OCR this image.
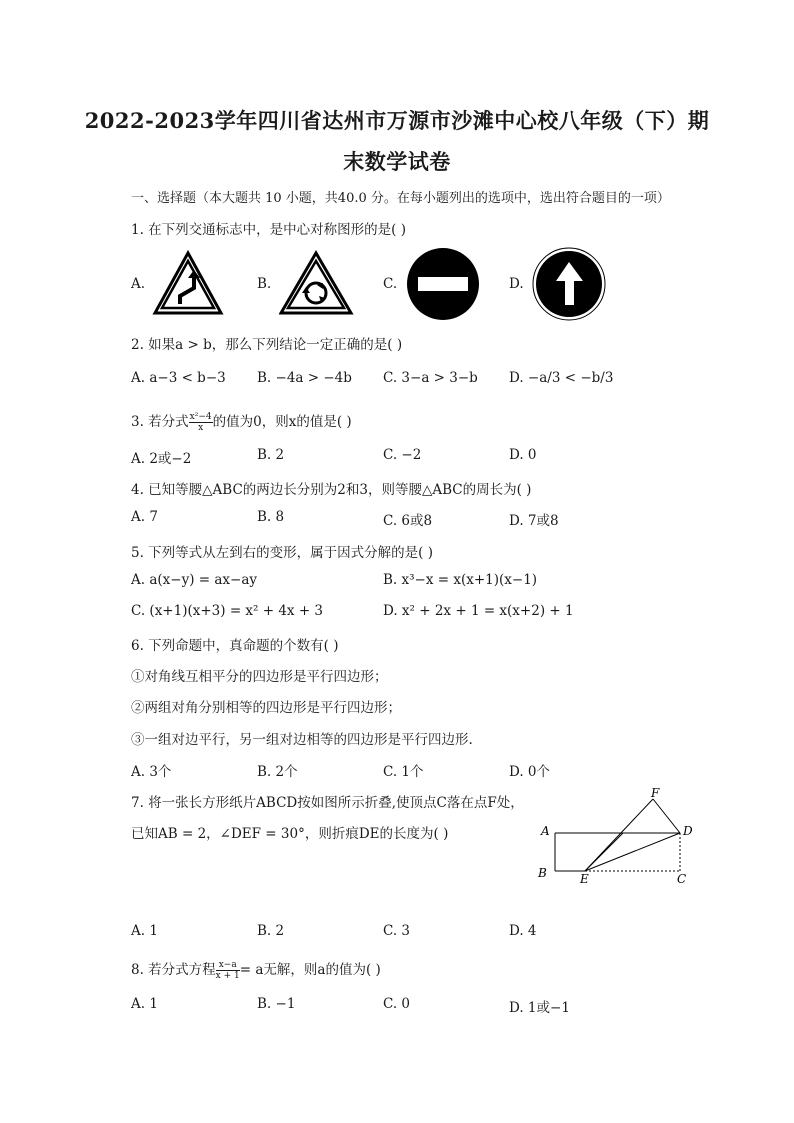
2022-2023学年四川省达州市万源市沙滩中心校八年级（下）期
末数学试卷
一、选择题（本大题共 10 小题，共40.0 分。在每小题列出的选项中，选出符合题目的一项）
1. 在下列交通标志中，是中心对称图形的是( )
A.	B.	C.	D.
2. 如果a > b，那么下列结论一定正确的是( )
A. a−3 < b−3 B. −4a > −4b C. 3−a > 3−b D. −a/3 < −b/3
3. 若分式 $\frac{\text{x²−4}}{x}$ 的值为0，则x的值是( )
A. 2或−2	B. 2	C. −2	D. 0
4. 已知等腰△ABC的两边长分别为2和3，则等腰△ABC的周长为( )
A. 7	B. 8	C. 6或8	D. 7或8
5. 下列等式从左到右的变形，属于因式分解的是( )
A. a(x−y) = ax−ay	B. x³−x = x(x+1)(x−1)
C. (x+1)(x+3) = x² + 4x + 3	D. x² + 2x + 1 = x(x+2) + 1
6. 下列命题中，真命题的个数有( )
①对角线互相平分的四边形是平行四边形；
②两组对角分别相等的四边形是平行四边形；
③一组对边平行，另一组对边相等的四边形是平行四边形.
A. 3个	B. 2个	C. 1个	D. 0个
7. 将一张长方形纸片ABCD按如图所示折叠,使顶点C落在点F处，
已知AB = 2，∠DEF = 30°，则折痕DE的长度为( )
F
A	D
B	E	C
A. 1	B. 2	C. 3	D. 4
8. 若分式方程 $\frac{x-a}{x + 1} = a$无解，则a的值为( )
A. 1	B. −1	C. 0	D. 1或−1
